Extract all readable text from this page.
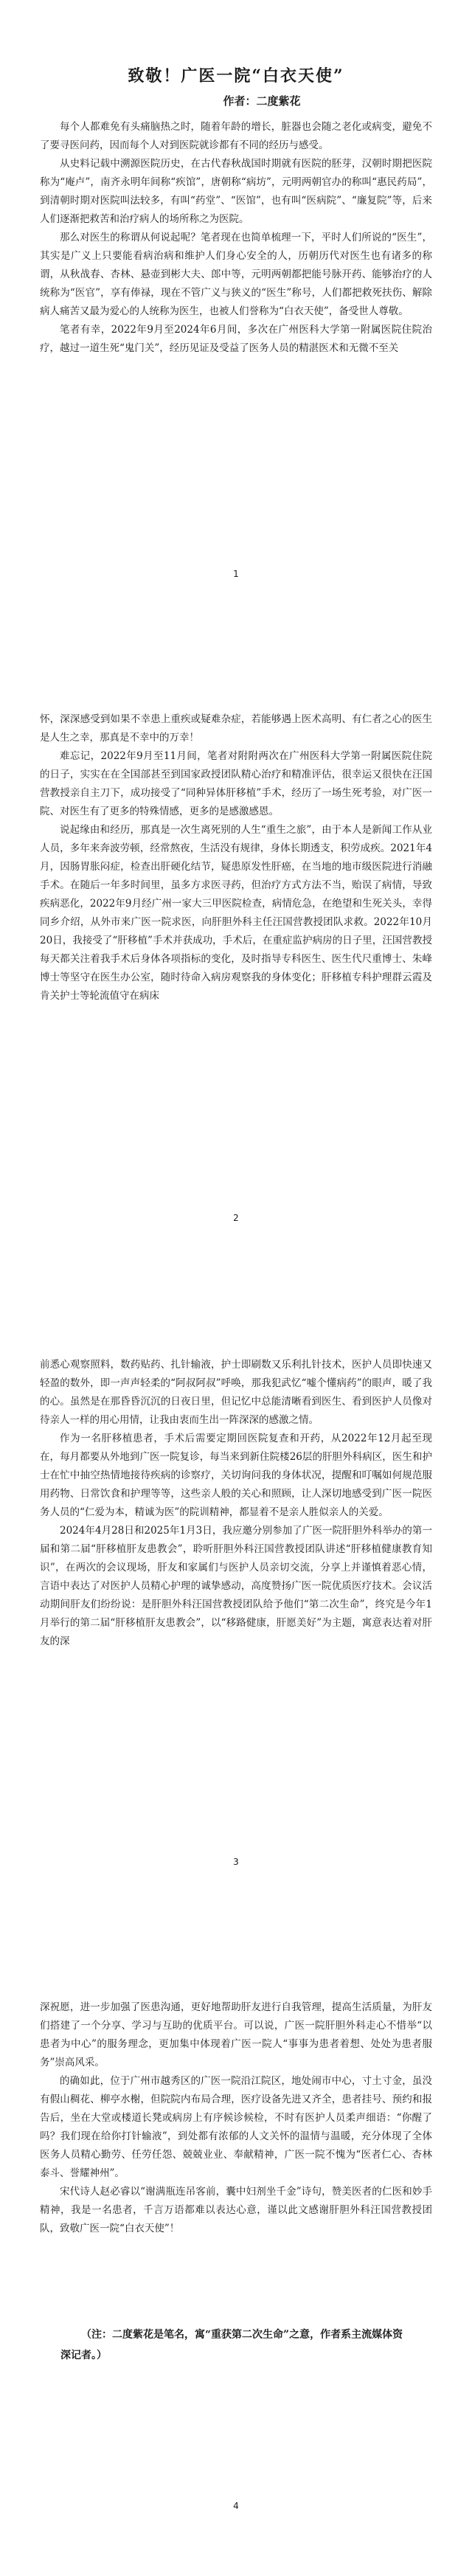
致敬！广医一院“白衣天使”
作者：二度紫花

每个人都难免有头痛脑热之时，随着年龄的增长，脏器也会随之老化或病变，避免不了要寻医问药，因而每个人对到医院就诊都有不同的经历与感受。

从史料记载中溯源医院历史，在古代春秋战国时期就有医院的胚芽，汉朝时期把医院称为“庵卢”，南齐永明年间称“疾馆”，唐朝称“病坊”，元明两朝官办的称叫“惠民药局”，到清朝时期对医院叫法较多，有叫“药堂”、“医馆”，也有叫“医病院”、“廉复院”等，后来人们逐渐把救苦和治疗病人的场所称之为医院。

那么对医生的称谓从何说起呢？笔者现在也简单梳理一下，平时人们所说的“医生”，其实是广义上只要能看病治病和维护人们身心安全的人，历朝历代对医生也有诸多的称谓，从秋战春、杏林、悬壶到彬大夫、郎中等，元明两朝都把能号脉开药、能够治疗的人统称为“医官”，享有俸禄，现在不管广义与狭义的“医生”称号，人们都把救死扶伤、解除病人痛苦又最为爱心的人统称为医生，也被人们誉称为“白衣天使”，备受世人尊敬。

笔者有幸，2022年9月至2024年6月间，多次在广州医科大学第一附属医院住院治疗，越过一道生死“鬼门关”，经历见证及受益了医务人员的精湛医术和无微不至关

1

怀，深深感受到如果不幸患上重疾或疑难杂症，若能够遇上医术高明、有仁者之心的医生是人生之幸，那真是不幸中的万幸！

难忘记，2022年9月至11月间，笔者对附附两次在广州医科大学第一附属医院住院的日子，实实在在全国部甚至到国家政授团队精心治疗和精准评估，很幸运又很快在汪国营教授亲自主刀下，成功接受了“同种异体肝移植”手术，经历了一场生死考验，对广医一院、对医生有了更多的特殊情感，更多的是感激感恩。

说起缘由和经历，那真是一次生离死别的人生“重生之旅”，由于本人是新闻工作从业人员，多年来奔波劳顿，经常熬夜，生活没有规律，身体长期透支，积劳成疾。2021年4月，因肠胃胀闷症，检查出肝硬化结节，疑患原发性肝癌，在当地的地市级医院进行消融手术。在随后一年多时间里，虽多方求医寻药，但治疗方式方法不当，贻误了病情，导致疾病恶化，2022年9月经广州一家大三甲医院检查，病情危急，在绝望和生死关头，幸得同乡介绍，从外市来广医一院求医，向肝胆外科主任汪国营教授团队求救。2022年10月20日，我接受了“肝移植”手术并获成功，手术后，在重症监护病房的日子里，汪国营教授每天都关注着我手术后身体各项指标的变化，及时指导专科医生、医生代尺重博士、朱峰博士等坚守在医生办公室，随时待命入病房观察我的身体变化；肝移植专科护理群云霞及肯关护士等轮流值守在病床

2

前悉心观察照料，数药贴药、扎针输液，护士即刷数又乐利扎针技术，医护人员即快速又轻盈的数外，即一声声轻柔的“阿叔阿叔”呼唤，那我犯武忆“嘘个懂病药”的眼声，暖了我的心。虽然是在那昏昏沉沉的日夜日里，但记忆中总能清晰看到医生、看到医护人员像对待亲人一样的用心用情，让我由衷而生出一阵深深的感激之情。

作为一名肝移植患者，手术后需要定期回医院复查和开药，从2022年12月起至现在，每月都要从外地到广医一院复诊，每当来到新住院楼26层的肝胆外科病区，医生和护士在忙中抽空热情地接待疾病的诊察疗，关切询问我的身体状况，提醒和叮嘱如何规范服用药物、日常饮食和护理等等，这些亲人般的关心和照顾，让人深切地感受到广医一院医务人员的“仁爱为本，精诚为医”的院训精神，都显着不是亲人胜似亲人的关爱。

2024年4月28日和2025年1月3日，我应邀分别参加了广医一院肝胆外科举办的第一届和第二届“肝移植肝友患教会”，聆听肝胆外科汪国营教授团队讲述“肝移植健康教育知识”，在两次的会议现场，肝友和家属们与医护人员亲切交流，分享上并谨慎着恶心情，言语中表达了对医护人员精心护理的诚挚感动，高度赞扬广医一院优质医疗技术。会议活动期间肝友们纷纷说：是肝胆外科汪国营教授团队给予他们“第二次生命”，终究是今年1月举行的第二届“肝移植肝友患教会”，以“移路健康，肝愿美好”为主题，寓意表达着对肝友的深

3

深祝愿，进一步加强了医患沟通，更好地帮助肝友进行自我管理，提高生活质量，为肝友们搭建了一个分享、学习与互助的优质平台。可以说，广医一院肝胆外科走心不惜举“以患者为中心”的服务理念，更加集中体现着广医一院人“事事为患者着想、处处为患者服务”崇高风采。

的确如此，位于广州市越秀区的广医一院沿江院区，地处闹市中心，寸土寸金，虽没有假山稠花、柳亭水榭，但院院内布局合理，医疗设备先进又齐全，患者挂号、预约和报告后，坐在大堂或楼道长凳或病房上有序候诊候检，不时有医护人员柔声细语：“你醒了吗？我们现在给你打针输液”，到处都有浓郁的人文关怀的温情与温暖，充分体现了全体医务人员精心勤劳、任劳任怨、兢兢业业、奉献精神，广医一院不愧为“医者仁心、杏林泰斗、誉耀神州”。

宋代诗人赵必睿以“谢满瓶连吊客前，囊中妇剂坐千金”诗句，赞美医者的仁医和妙手精神，我是一名患者，千言万语都难以表达心意，谨以此文感谢肝胆外科汪国营教授团队，致敬广医一院“白衣天使”！

（注：二度紫花是笔名，寓“重获第二次生命”之意，作者系主流媒体资深记者。）
4
